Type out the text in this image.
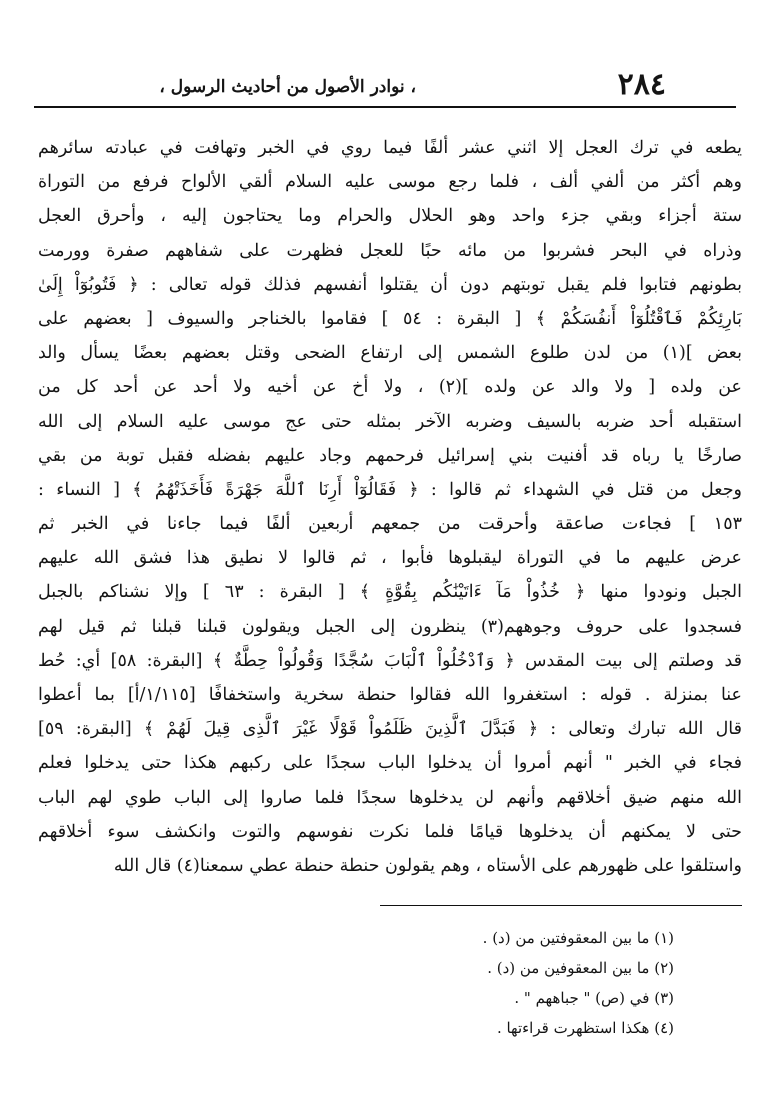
٢٨٤
، نوادر الأصول من أحاديث الرسول ،
يطعه في ترك العجل إلا اثني عشر ألفًا فيما روي في الخبر وتهافت في عبادته سائرهم
وهم أكثر من ألفي ألف ، فلما رجع موسى عليه السلام ألقي الألواح فرفع من التوراة
ستة أجزاء وبقي جزء واحد وهو الحلال والحرام وما يحتاجون إليه ، وأحرق العجل
وذراه في البحر فشربوا من مائه حبًا للعجل فظهرت على شفاههم صفرة وورمت
بطونهم فتابوا فلم يقبل توبتهم دون أن يقتلوا أنفسهم فذلك قوله تعالى : ﴿ فَتُوبُوٓاْ إِلَىٰ
بَارِئِكُمْ فَٱقْتُلُوٓاْ أَنفُسَكُمْ ﴾ [ البقرة : ٥٤ ] فقاموا بالخناجر والسيوف [ بعضهم على
بعض ](١) من لدن طلوع الشمس إلى ارتفاع الضحى وقتل بعضهم بعضًا يسأل والد
عن ولده [ ولا والد عن ولده ](٢) ، ولا أخ عن أخيه ولا أحد عن أحد كل من
استقبله أحد ضربه بالسيف وضربه الآخر بمثله حتى عج موسى عليه السلام إلى الله
صارخًا يا رباه قد أفنيت بني إسرائيل فرحمهم وجاد عليهم بفضله فقبل توبة من بقي
وجعل من قتل في الشهداء ثم قالوا : ﴿ فَقَالُوٓاْ أَرِنَا ٱللَّهَ جَهْرَةً فَأَخَذَتْهُمُ ﴾ [ النساء :
١٥٣ ] فجاءت صاعقة وأحرقت من جمعهم أربعين ألفًا فيما جاءنا في الخبر ثم
عرض عليهم ما في التوراة ليقبلوها فأبوا ، ثم قالوا لا نطيق هذا فشق الله عليهم
الجبل ونودوا منها ﴿ خُذُواْ مَآ ءَاتَيْنَٰكُم بِقُوَّةٍ ﴾ [ البقرة : ٦٣ ] وإلا نشناكم بالجبل
فسجدوا على حروف وجوههم(٣) ينظرون إلى الجبل ويقولون قبلنا قبلنا ثم قيل لهم
قد وصلتم إلى بيت المقدس ﴿ وَٱدْخُلُواْ ٱلْبَابَ سُجَّدًا وَقُولُواْ حِطَّةٌ ﴾ [البقرة: ٥٨] أي: حُط
عنا بمنزلة . قوله : استغفروا الله فقالوا حنطة سخرية واستخفافًا [١/١١٥/أ] بما أعطوا
قال الله تبارك وتعالى : ﴿ فَبَدَّلَ ٱلَّذِينَ ظَلَمُواْ قَوْلًا غَيْرَ ٱلَّذِى قِيلَ لَهُمْ ﴾ [البقرة: ٥٩]
فجاء في الخبر " أنهم أمروا أن يدخلوا الباب سجدًا على ركبهم هكذا حتى يدخلوا فعلم
الله منهم ضيق أخلاقهم وأنهم لن يدخلوها سجدًا فلما صاروا إلى الباب طوي لهم الباب
حتى لا يمكنهم أن يدخلوها قيامًا فلما نكرت نفوسهم والتوت وانكشف سوء أخلاقهم
واستلقوا على ظهورهم على الأستاه ، وهم يقولون حنطة حنطة عطي سمعنا(٤) قال الله
(١) ما بين المعقوفتين من (د) .
(٢) ما بين المعقوفين من (د) .
(٣) في (ص) " جباههم " .
(٤) هكذا استظهرت قراءتها .
